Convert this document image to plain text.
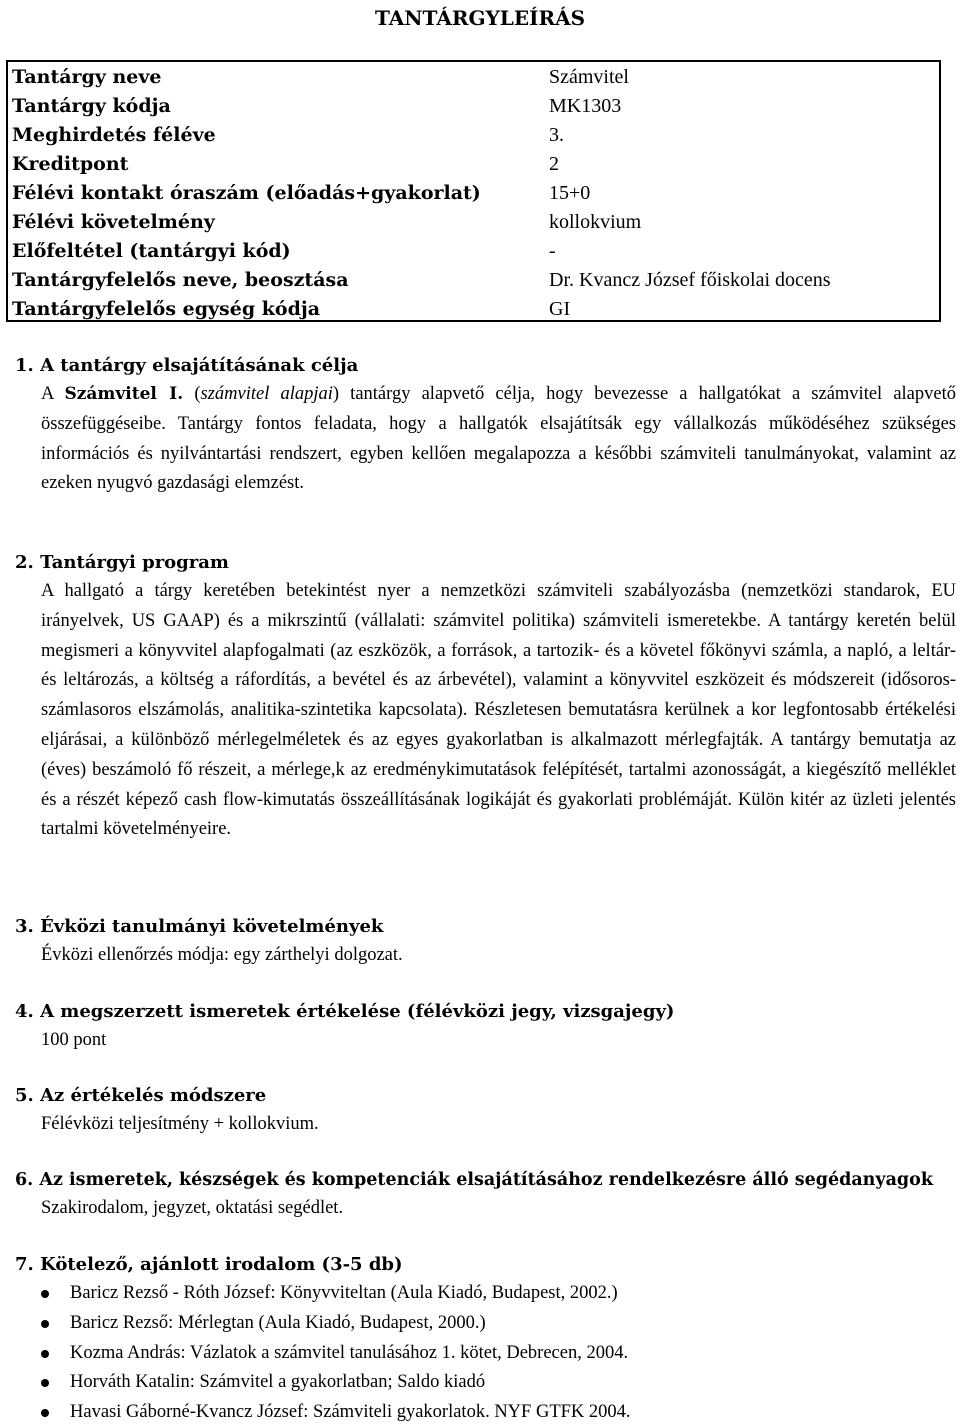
TANTÁRGYLEÍRÁS
Tantárgy neve	Számvitel
Tantárgy kódja	MK1303
Meghirdetés féléve	3.
Kreditpont	2
Félévi kontakt óraszám (előadás+gyakorlat)	15+0
Félévi követelmény	kollokvium
Előfeltétel (tantárgyi kód)	-
Tantárgyfelelős neve, beosztása	Dr. Kvancz József főiskolai docens
Tantárgyfelelős egység kódja	GI
1. A tantárgy elsajátításának célja

A Számvitel I. (számvitel alapjai) tantárgy alapvető célja, hogy bevezesse a hallgatókat a számvitel alapvető összefüggéseibe. Tantárgy fontos feladata, hogy a hallgatók elsajátítsák egy vállalkozás működéséhez szükséges információs és nyilvántartási rendszert, egyben kellően megalapozza a későbbi számviteli tanulmányokat, valamint az ezeken nyugvó gazdasági elemzést.

2. Tantárgyi program

A hallgató a tárgy keretében betekintést nyer a nemzetközi számviteli szabályozásba (nemzetközi standarok, EU irányelvek, US GAAP) és a mikrszintű (vállalati: számvitel politika) számviteli ismeretekbe. A tantárgy keretén belül megismeri a könyvvitel alapfogalmati (az eszközök, a források, a tartozik- és a követel főkönyvi számla, a napló, a leltár- és leltározás, a költség a ráfordítás, a bevétel és az árbevétel), valamint a könyvvitel eszközeit és módszereit (idősoros-számlasoros elszámolás, analitika-szintetika kapcsolata). Részletesen bemutatásra kerülnek a kor legfontosabb értékelési eljárásai, a különböző mérlegelméletek és az egyes gyakorlatban is alkalmazott mérlegfajták. A tantárgy bemutatja az (éves) beszámoló fő részeit, a mérlege,k az eredménykimutatások felépítését, tartalmi azonosságát, a kiegészítő melléklet és a részét képező cash flow-kimutatás összeállításának logikáját és gyakorlati problémáját. Külön kitér az üzleti jelentés tartalmi követelményeire.

3. Évközi tanulmányi követelmények

Évközi ellenőrzés módja: egy zárthelyi dolgozat.

4. A megszerzett ismeretek értékelése (félévközi jegy, vizsgajegy)

100 pont

5. Az értékelés módszere

Félévközi teljesítmény + kollokvium.

6. Az ismeretek, készségek és kompetenciák elsajátításához rendelkezésre álló segédanyagok

Szakirodalom, jegyzet, oktatási segédlet.

7. Kötelező, ajánlott irodalom (3-5 db)
Baricz Rezső - Róth József: Könyvviteltan (Aula Kiadó, Budapest, 2002.)
Baricz Rezső: Mérlegtan (Aula Kiadó, Budapest, 2000.)
Kozma András: Vázlatok a számvitel tanulásához 1. kötet, Debrecen, 2004.
Horváth Katalin: Számvitel a gyakorlatban; Saldo kiadó
Havasi Gáborné-Kvancz József: Számviteli gyakorlatok. NYF GTFK 2004.
